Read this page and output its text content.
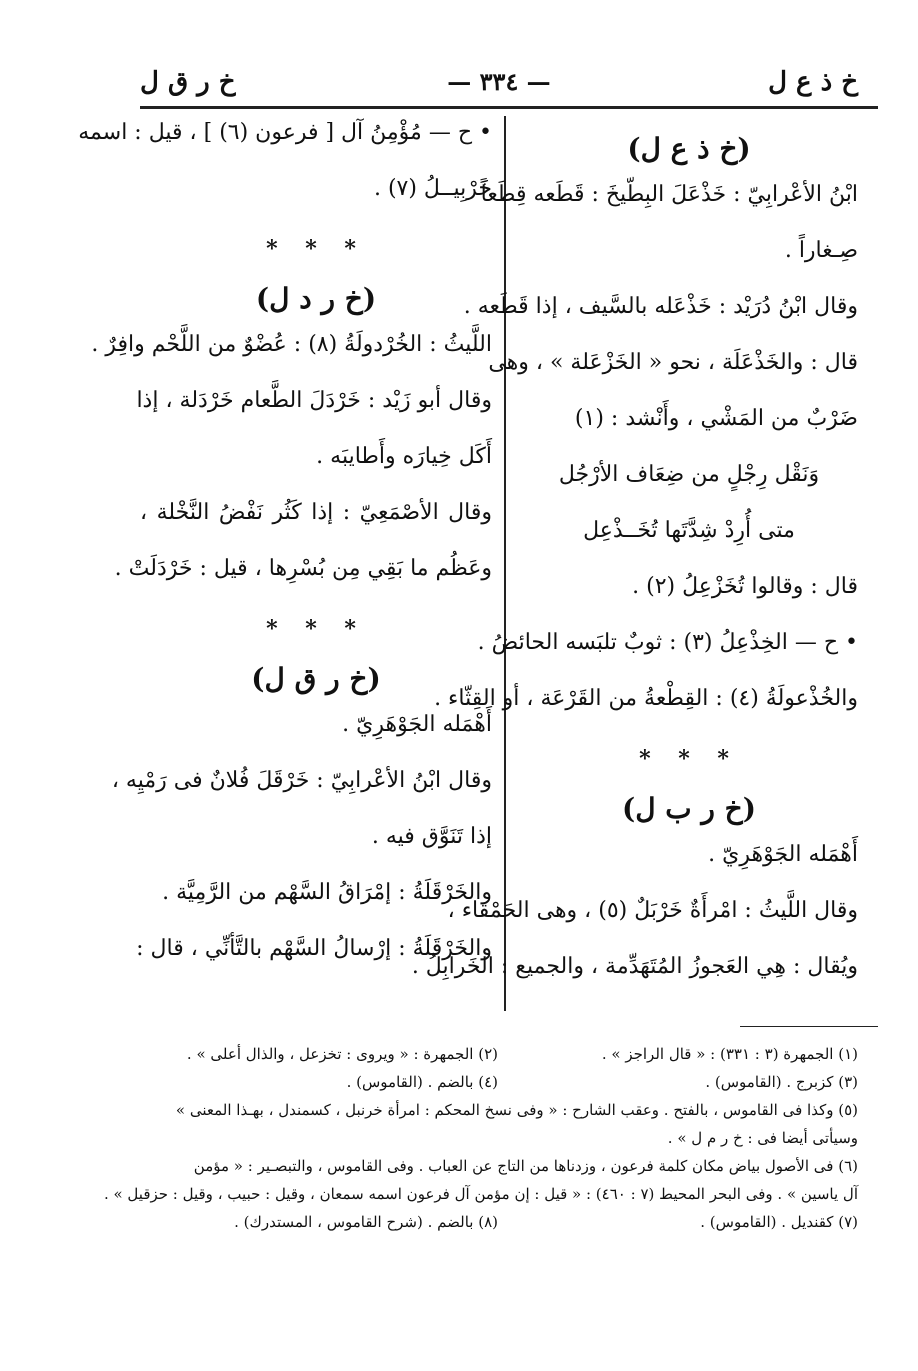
خ ذ ع ل
— ٣٣٤ —
خ ر ق ل
(خ ذ ع ل)
ابْنُ الأعْرابِيّ : خَذْعَلَ البِطّيخَ : قَطَعه قِطَعاً
صِـغاراً .
وقال ابْنُ دُرَيْد : خَذْعَله بالسَّيف ، إذا قَطَعه .
قال : والخَذْعَلَة ، نحو « الخَزْعَلة » ، وهى
ضَرْبٌ من المَشْي ، وأَنْشد : (١)
وَنَقْل رِجْلٍ من ضِعَاف الأرْجُل
متى أُرِدْ شِدَّتَها تُخَــذْعِل
قال : وقالوا تُخَزْعِلُ (٢) .
• ح — الخِذْعِلُ (٣) : ثوبٌ تلبَسه الحائضُ .
والخُذْعولَةُ (٤) : القِطْعةُ من القَرْعَة ، أو القِثّاء .
* * *
(خ ر ب ل)
أَهْمَله الجَوْهَرِيّ .
وقال اللَّيثُ : امْرأَةٌ خَرْبَلٌ (٥) ، وهى الحَمْقاء ،
ويُقال : هِي العَجوزُ المُتَهَدِّمة ، والجميع : الخَرابِلُ .
• ح — مُؤْمِنُ آل [ فرعون (٦) ] ، قيل : اسمه
خَرْبِيــلُ (٧) .
* * *
(خ ر د ل)
اللَّيثُ : الخُرْدولَةُ (٨) : عُضْوٌ من اللَّحْم وافِرٌ .
وقال أبو زَيْد : خَرْدَلَ الطَّعام خَرْدَلة ، إذا
أَكَل خِيارَه وأَطايبَه .
وقال الأصْمَعِيّ : إذا كَثُر نَفْضُ النَّخْلة ،
وعَظُم ما بَقِي مِن بُسْرِها ، قيل : خَرْدَلَتْ .
* * *
(خ ر ق ل)
أَهْمَله الجَوْهَرِيّ .
وقال ابْنُ الأعْرابِيّ : خَرْقَلَ فُلانٌ فى رَمْيِه ،
إذا تَنَوَّق فيه .
والخَرْقَلَةُ : إمْرَاقُ السَّهْم من الرَّمِيَّة .
والخَرْقَلَةُ : إرْسالُ السَّهْم بالتَّأنِّي ، قال :
(١) الجمهرة (٣ : ٣٣١) : « قال الراجز » .
(٢) الجمهرة : « ويروى : تخزعل ، والذال أعلى » .
(٣) كزبرج . (القاموس) .
(٤) بالضم . (القاموس) .
(٥) وكذا فى القاموس ، بالفتح . وعقب الشارح : « وفى نسخ المحكم : امرأة خرنبل ، كسمندل ، بهـذا المعنى »
وسيأتى أيضا فى : خ ر م ل » .
(٦) فى الأصول بياض مكان كلمة فرعون ، وزدناها من التاج عن العباب . وفى القاموس ، والتبصـير : « مؤمن
آل ياسين » . وفى البحر المحيط (٧ : ٤٦٠) : « قيل : إن مؤمن آل فرعون اسمه سمعان ، وقيل : حبيب ، وقيل : حزقيل » .
(٧) كقنديل . (القاموس) .
(٨) بالضم . (شرح القاموس ، المستدرك) .
